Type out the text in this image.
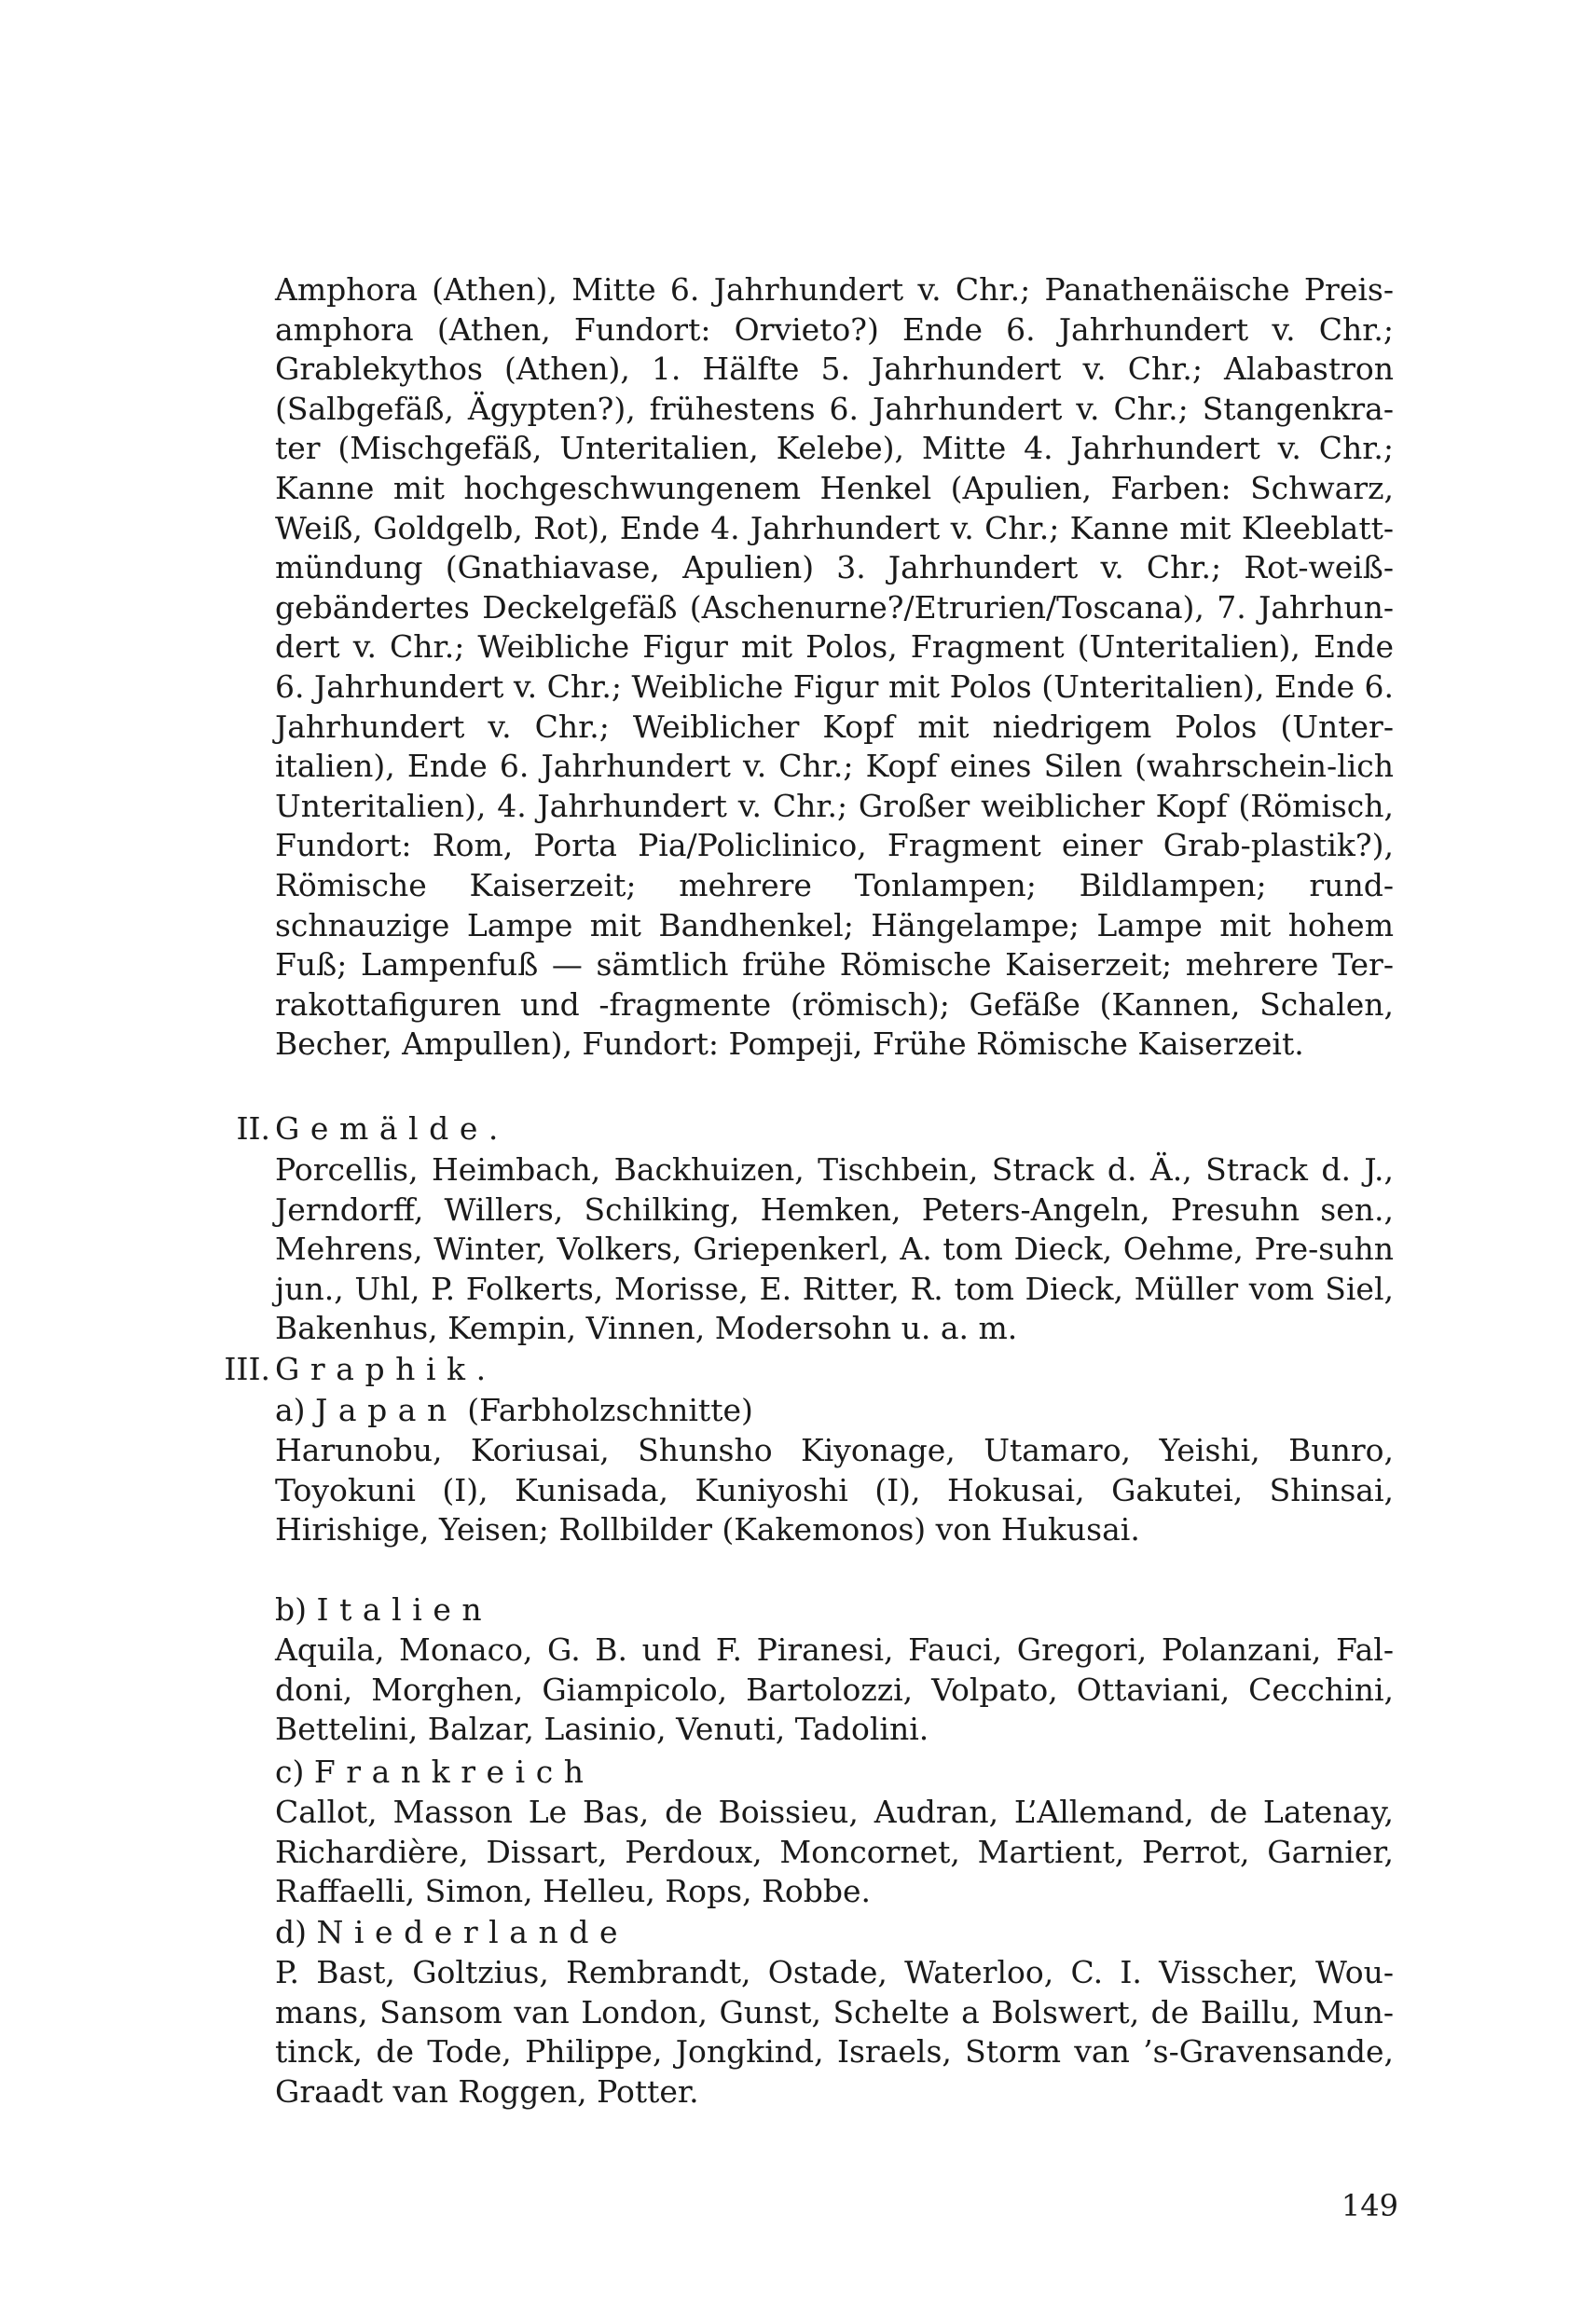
Amphora (Athen), Mitte 6. Jahrhundert v. Chr.; Panathenäische Preis-amphora (Athen, Fundort: Orvieto?) Ende 6. Jahrhundert v. Chr.; Grablekythos (Athen), 1. Hälfte 5. Jahrhundert v. Chr.; Alabastron (Salbgefäß, Ägypten?), frühestens 6. Jahrhundert v. Chr.; Stangenkra-ter (Mischgefäß, Unteritalien, Kelebe), Mitte 4. Jahrhundert v. Chr.; Kanne mit hochgeschwungenem Henkel (Apulien, Farben: Schwarz, Weiß, Goldgelb, Rot), Ende 4. Jahrhundert v. Chr.; Kanne mit Kleeblatt-mündung (Gnathiavase, Apulien) 3. Jahrhundert v. Chr.; Rot-weiß-gebändertes Deckelgefäß (Aschenurne?/Etrurien/Toscana), 7. Jahrhun-dert v. Chr.; Weibliche Figur mit Polos, Fragment (Unteritalien), Ende 6. Jahrhundert v. Chr.; Weibliche Figur mit Polos (Unteritalien), Ende 6. Jahrhundert v. Chr.; Weiblicher Kopf mit niedrigem Polos (Unter-italien), Ende 6. Jahrhundert v. Chr.; Kopf eines Silen (wahrschein-lich Unteritalien), 4. Jahrhundert v. Chr.; Großer weiblicher Kopf (Römisch, Fundort: Rom, Porta Pia/Policlinico, Fragment einer Grab-plastik?), Römische Kaiserzeit; mehrere Tonlampen; Bildlampen; rund-schnauzige Lampe mit Bandhenkel; Hängelampe; Lampe mit hohem Fuß; Lampenfuß — sämtlich frühe Römische Kaiserzeit; mehrere Ter-rakottafiguren und -fragmente (römisch); Gefäße (Kannen, Schalen, Becher, Ampullen), Fundort: Pompeji, Frühe Römische Kaiserzeit.

II. Gemälde.

Porcellis, Heimbach, Backhuizen, Tischbein, Strack d. Ä., Strack d. J., Jerndorff, Willers, Schilking, Hemken, Peters-Angeln, Presuhn sen., Mehrens, Winter, Volkers, Griepenkerl, A. tom Dieck, Oehme, Pre-suhn jun., Uhl, P. Folkerts, Morisse, E. Ritter, R. tom Dieck, Müller vom Siel, Bakenhus, Kempin, Vinnen, Modersohn u. a. m.

III. Graphik.
a) Japan (Farbholzschnitte)

Harunobu, Koriusai, Shunsho Kiyonage, Utamaro, Yeishi, Bunro, Toyokuni (I), Kunisada, Kuniyoshi (I), Hokusai, Gakutei, Shinsai, Hirishige, Yeisen; Rollbilder (Kakemonos) von Hukusai.

b) Italien

Aquila, Monaco, G. B. und F. Piranesi, Fauci, Gregori, Polanzani, Fal-doni, Morghen, Giampicolo, Bartolozzi, Volpato, Ottaviani, Cecchini, Bettelini, Balzar, Lasinio, Venuti, Tadolini.

c) Frankreich

Callot, Masson Le Bas, de Boissieu, Audran, L’Allemand, de Latenay, Richardière, Dissart, Perdoux, Moncornet, Martient, Perrot, Garnier, Raffaelli, Simon, Helleu, Rops, Robbe.

d) Niederlande

P. Bast, Goltzius, Rembrandt, Ostade, Waterloo, C. I. Visscher, Wou-mans, Sansom van London, Gunst, Schelte a Bolswert, de Baillu, Mun-tinck, de Tode, Philippe, Jongkind, Israels, Storm van ’s-Gravensande, Graadt van Roggen, Potter.

149
